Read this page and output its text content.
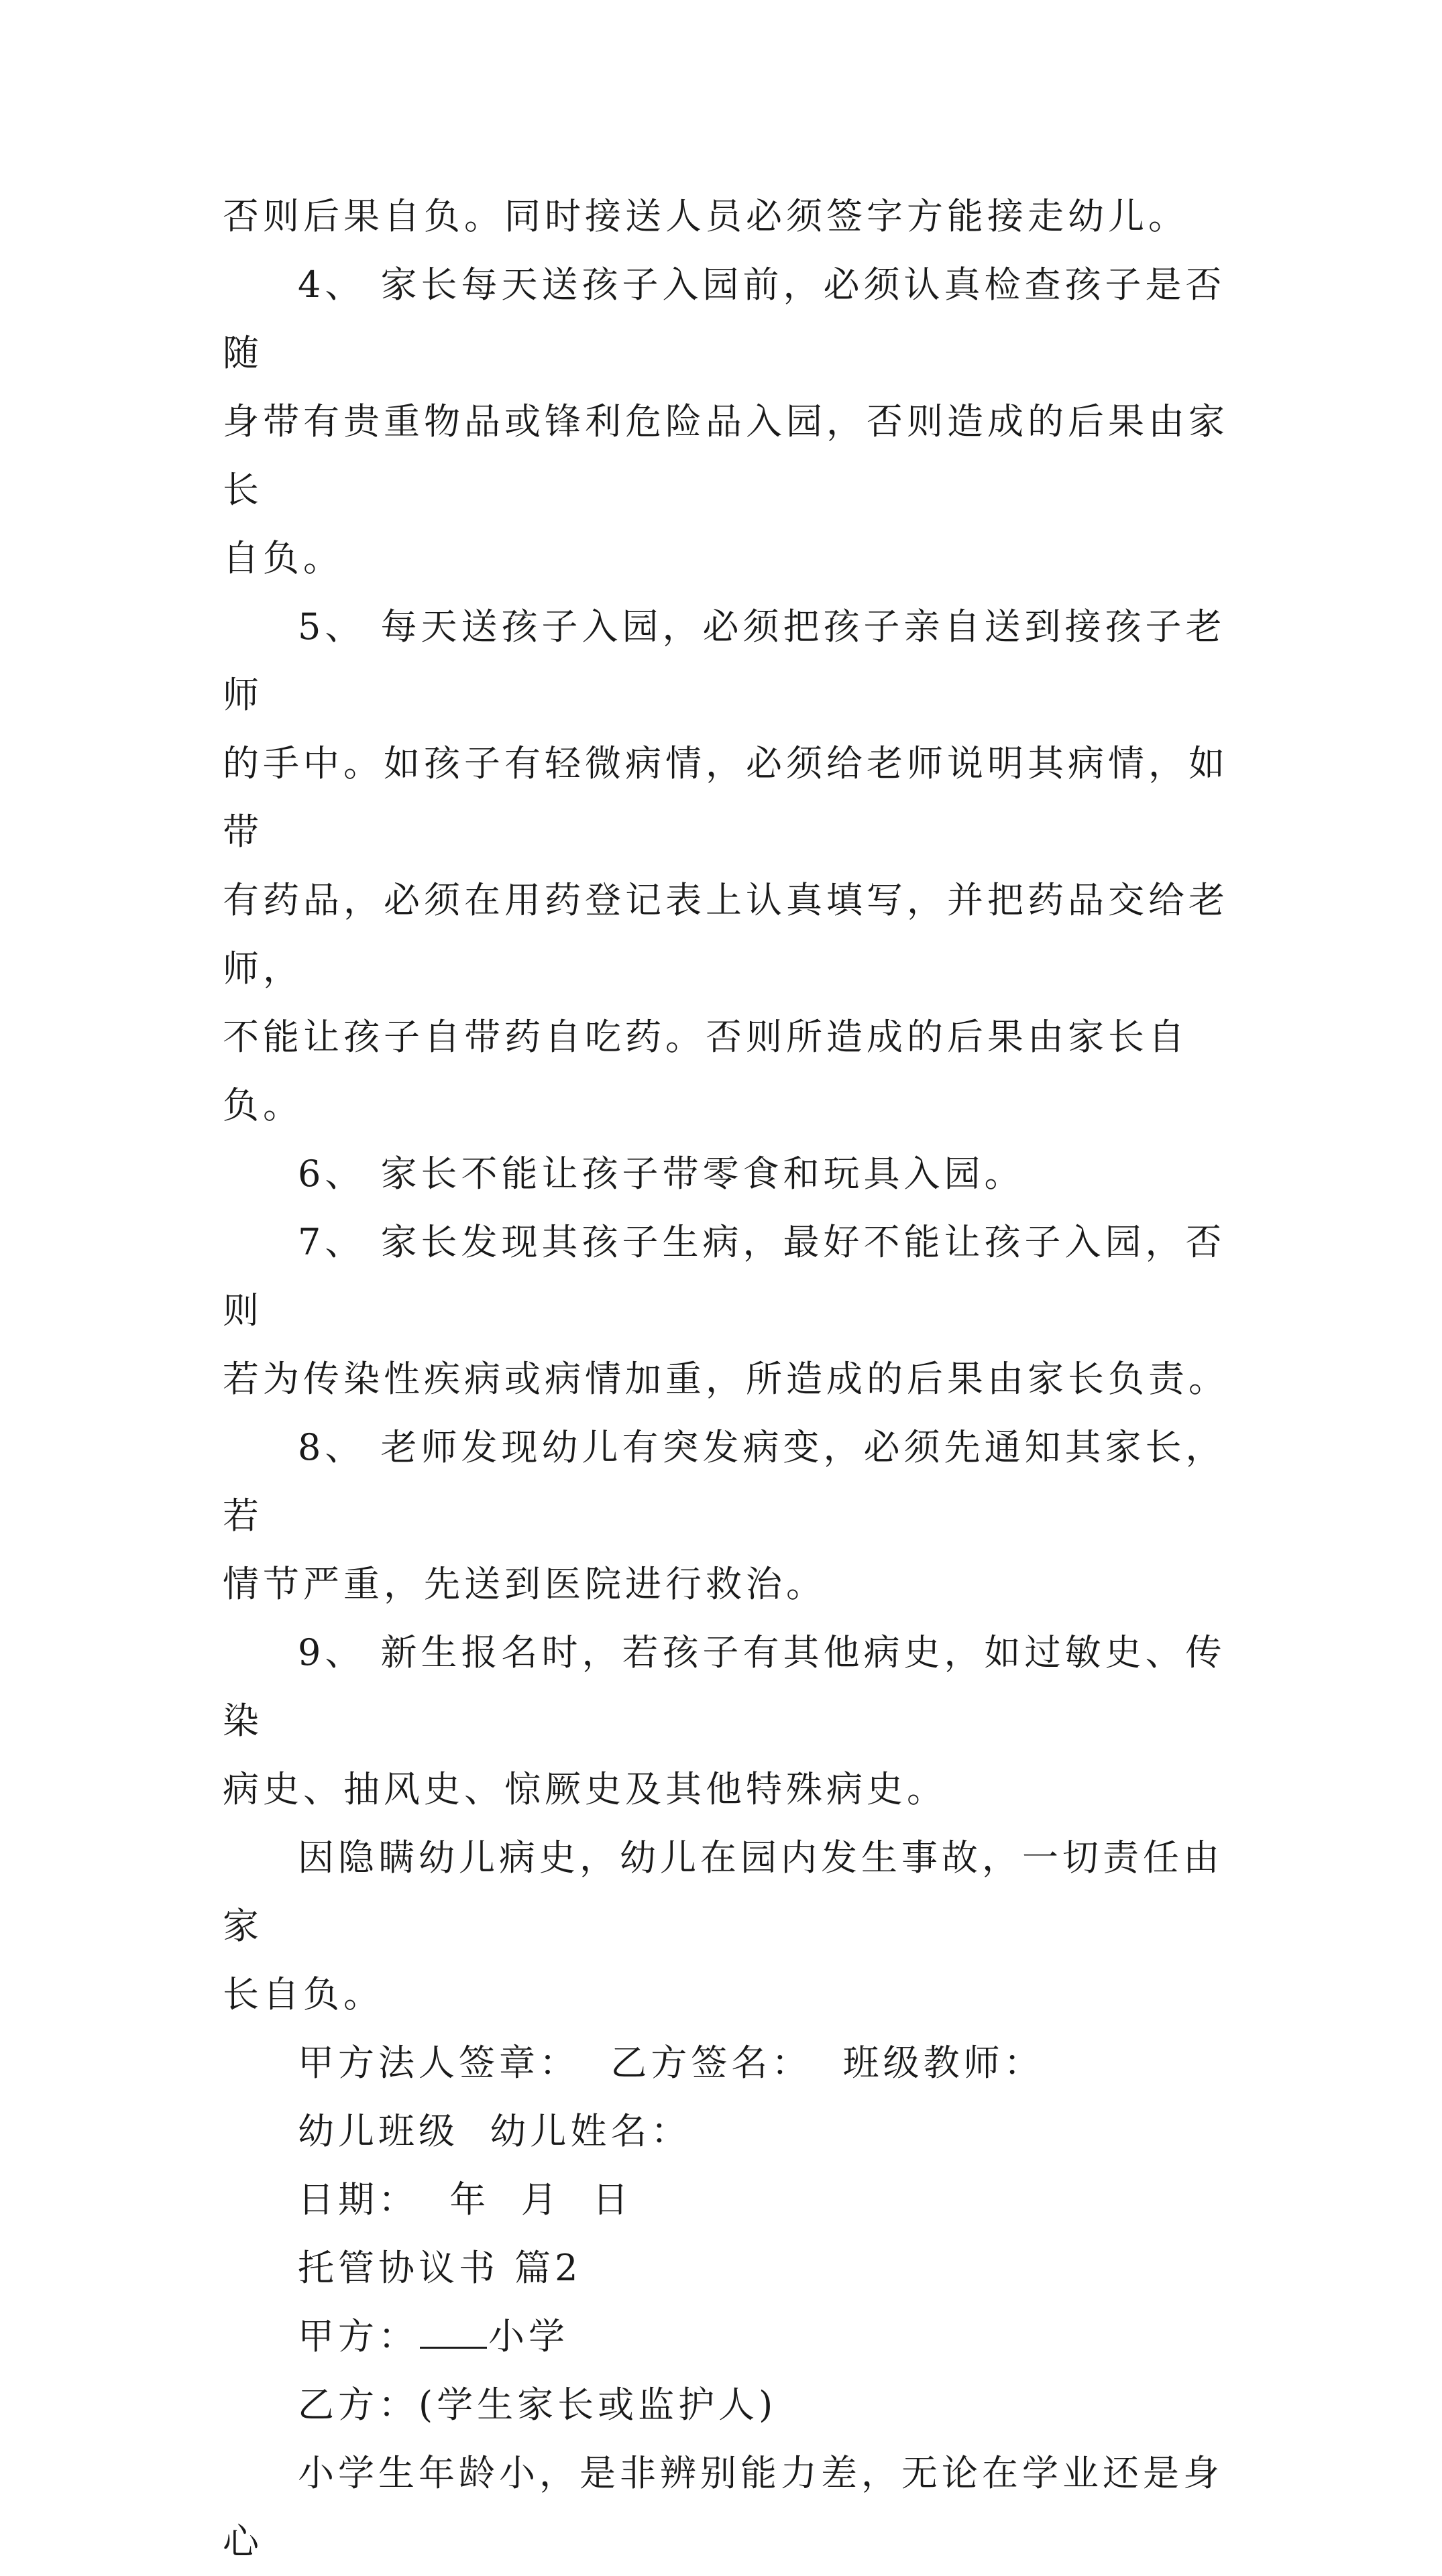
否则后果自负。同时接送人员必须签字方能接走幼儿。

4、 家长每天送孩子入园前，必须认真检查孩子是否随

身带有贵重物品或锋利危险品入园，否则造成的后果由家长

自负。

5、 每天送孩子入园，必须把孩子亲自送到接孩子老师

的手中。如孩子有轻微病情，必须给老师说明其病情，如带

有药品，必须在用药登记表上认真填写，并把药品交给老师，

不能让孩子自带药自吃药。否则所造成的后果由家长自负。

6、 家长不能让孩子带零食和玩具入园。

7、 家长发现其孩子生病，最好不能让孩子入园，否则

若为传染性疾病或病情加重，所造成的后果由家长负责。

8、 老师发现幼儿有突发病变，必须先通知其家长，若

情节严重，先送到医院进行救治。

9、 新生报名时，若孩子有其他病史，如过敏史、传染

病史、抽风史、惊厥史及其他特殊病史。

因隐瞒幼儿病史，幼儿在园内发生事故，一切责任由家

长自负。

甲方法人签章：  乙方签名：  班级教师：

幼儿班级  幼儿姓名：

日期：  年  月  日

托管协议书 篇2

甲方： 小学

乙方：(学生家长或监护人)

小学生年龄小，是非辨别能力差，无论在学业还是身心
